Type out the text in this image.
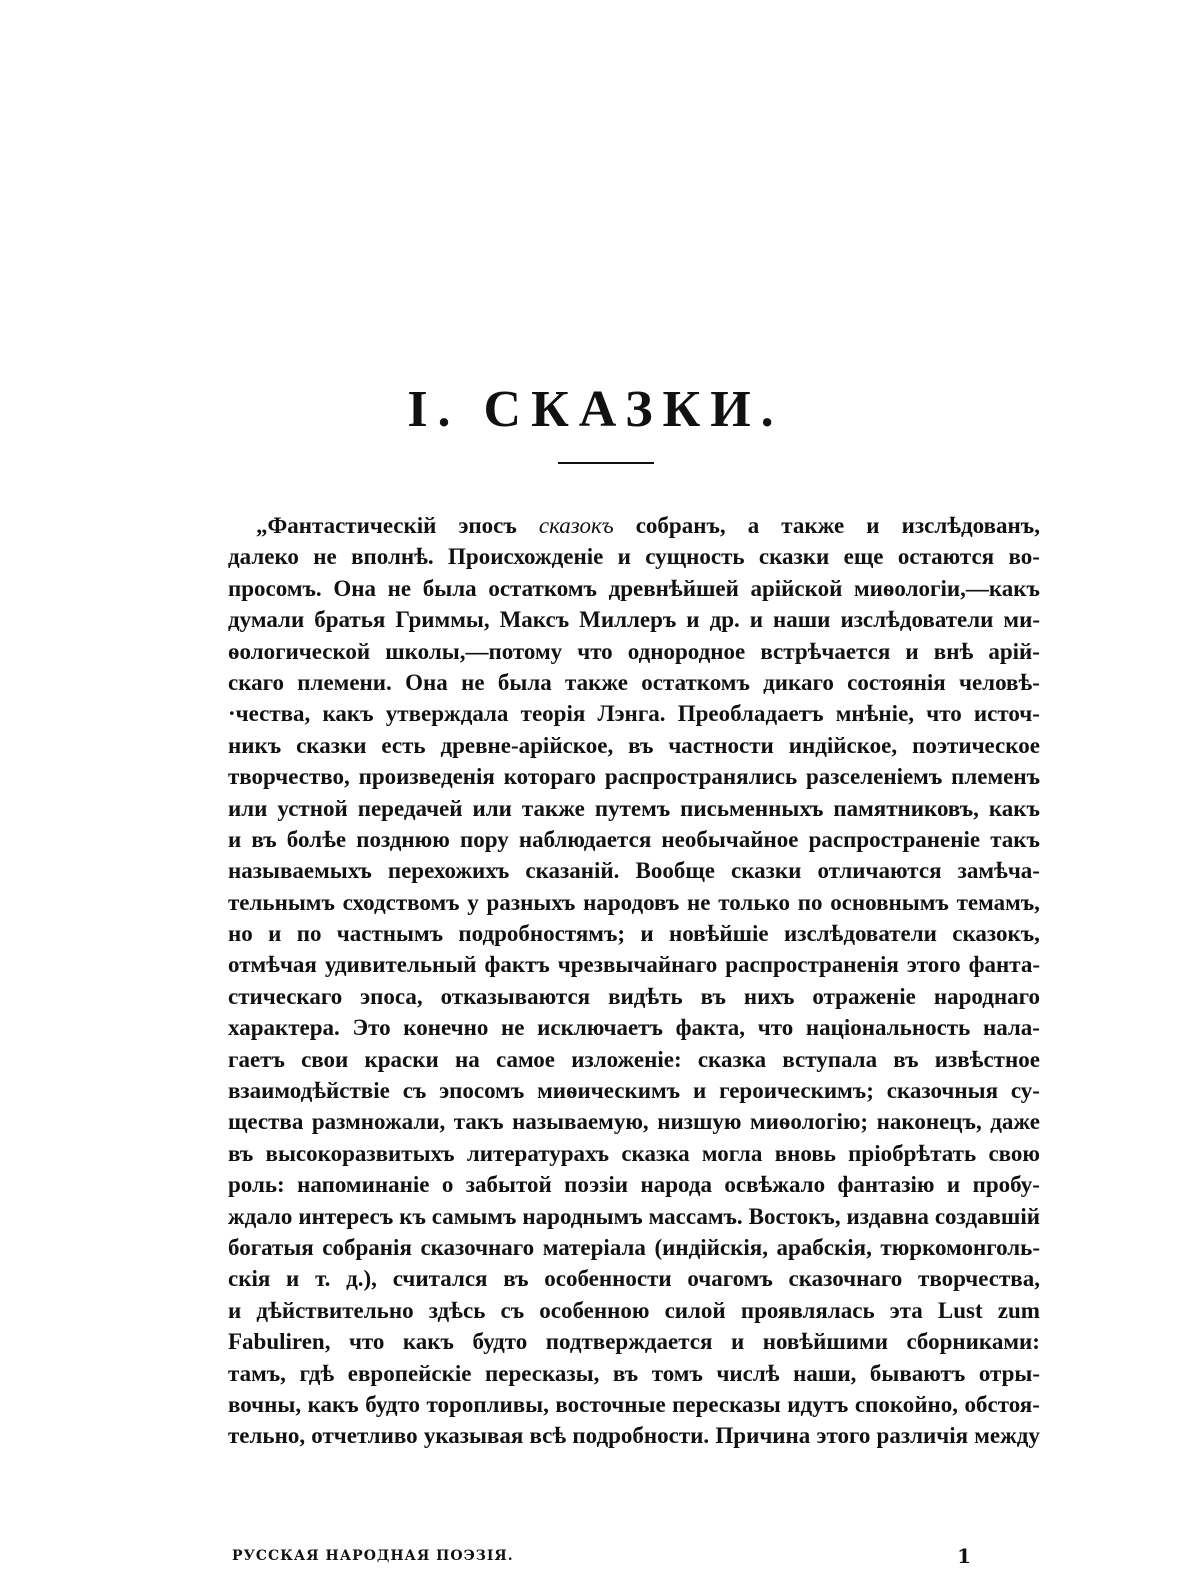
I. СКАЗКИ.
„Фантастическій эпосъ сказокъ собранъ, а также и изслѣдованъ,
далеко не вполнѣ. Происхожденіе и сущность сказки еще остаются во-
просомъ. Она не была остаткомъ древнѣйшей арійской миѳологіи,—какъ
думали братья Гриммы, Максъ Миллеръ и др. и наши изслѣдователи ми-
ѳологической школы,—потому что однородное встрѣчается и внѣ арій-
скаго племени. Она не была также остаткомъ дикаго состоянія человѣ-
·чества, какъ утверждала теорія Лэнга. Преобладаетъ мнѣніе, что источ-
никъ сказки есть древне-арійское, въ частности индійское, поэтическое
творчество, произведенія котораго распространялись разселеніемъ племенъ
или устной передачей или также путемъ письменныхъ памятниковъ, какъ
и въ болѣе позднюю пору наблюдается необычайное распространеніе такъ
называемыхъ перехожихъ сказаній. Вообще сказки отличаются замѣча-
тельнымъ сходствомъ у разныхъ народовъ не только по основнымъ темамъ,
но и по частнымъ подробностямъ; и новѣйшіе изслѣдователи сказокъ,
отмѣчая удивительный фактъ чрезвычайнаго распространенія этого фанта-
стическаго эпоса, отказываются видѣть въ нихъ отраженіе народнаго
характера. Это конечно не исключаетъ факта, что національность нала-
гаетъ свои краски на самое изложеніе: сказка вступала въ извѣстное
взаимодѣйствіе съ эпосомъ миѳическимъ и героическимъ; сказочныя су-
щества размножали, такъ называемую, низшую миѳологію; наконецъ, даже
въ высокоразвитыхъ литературахъ сказка могла вновь пріобрѣтать свою
роль: напоминаніе о забытой поэзіи народа освѣжало фантазію и пробу-
ждало интересъ къ самымъ народнымъ массамъ. Востокъ, издавна создавшій
богатыя собранія сказочнаго матеріала (индійскія, арабскія, тюркомонголь-
скія и т. д.), считался въ особенности очагомъ сказочнаго творчества,
и дѣйствительно здѣсь съ особенною силой проявлялась эта Lust zum
Fabuliren, что какъ будто подтверждается и новѣйшими сборниками:
тамъ, гдѣ европейскіе пересказы, въ томъ числѣ наши, бываютъ отры-
вочны, какъ будто торопливы, восточные пересказы идутъ спокойно, обстоя-
тельно, отчетливо указывая всѣ подробности. Причина этого различія между
РУССКАЯ НАРОДНАЯ ПОЭЗІЯ.	1
